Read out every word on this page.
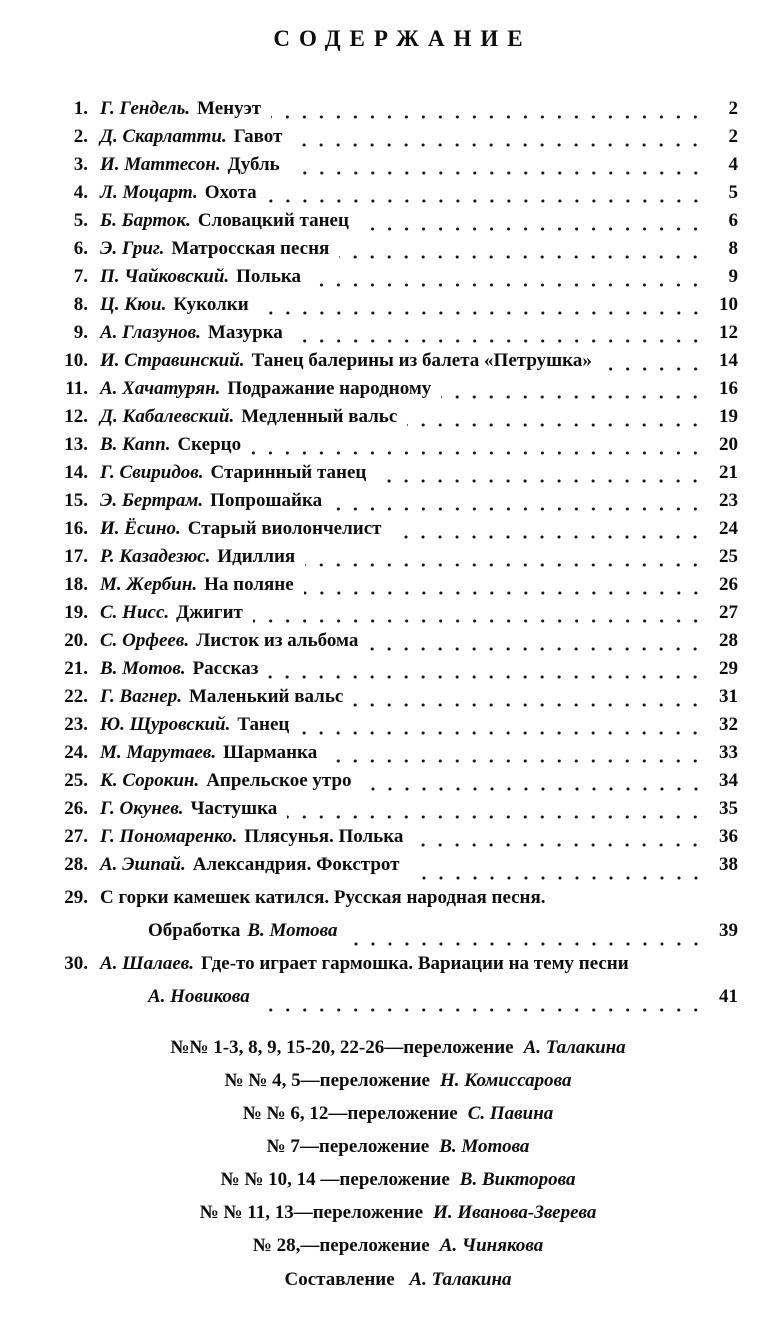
СОДЕРЖАНИЕ
1. Г. Гендель. Менуэт	2
2. Д. Скарлатти. Гавот	2
3. И. Маттесон. Дубль	4
4. Л. Моцарт. Охота	5
5. Б. Барток. Словацкий танец	6
6. Э. Григ. Матросская песня	8
7. П. Чайковский. Полька	9
8. Ц. Кюи. Куколки	10
9. А. Глазунов. Мазурка	12
10. И. Стравинский. Танец балерины из балета «Петрушка»	14
11. А. Хачатурян. Подражание народному	16
12. Д. Кабалевский. Медленный вальс	19
13. В. Капп. Скерцо	20
14. Г. Свиридов. Старинный танец	21
15. Э. Бертрам. Попрошайка	23
16. И. Ёсино. Старый виолончелист	24
17. Р. Казадезюс. Идиллия	25
18. М. Жербин. На поляне	26
19. С. Нисс. Джигит	27
20. С. Орфеев. Листок из альбома	28
21. В. Мотов. Рассказ	29
22. Г. Вагнер. Маленький вальс	31
23. Ю. Щуровский. Танец	32
24. М. Марутаев. Шарманка	33
25. К. Сорокин. Апрельское утро	34
26. Г. Окунев. Частушка	35
27. Г. Пономаренко. Плясунья. Полька	36
28. А. Эшпай. Александрия. Фокстрот	38
29. С горки камешек катился. Русская народная песня.
Обработка В. Мотова	39
30. А. Шалаев. Где-то играет гармошка. Вариации на тему песни
А. Новикова	41
№№ 1-3, 8, 9, 15-20, 22-26—переложение А. Талакина
№ № 4, 5—переложение Н. Комиссарова
№ № 6, 12—переложение С. Павина
№ 7—переложение В. Мотова
№ № 10, 14 —переложение В. Викторова
№ № 11, 13—переложение И. Иванова-Зверева
№ 28,—переложение А. Чинякова
Составление А. Талакина
